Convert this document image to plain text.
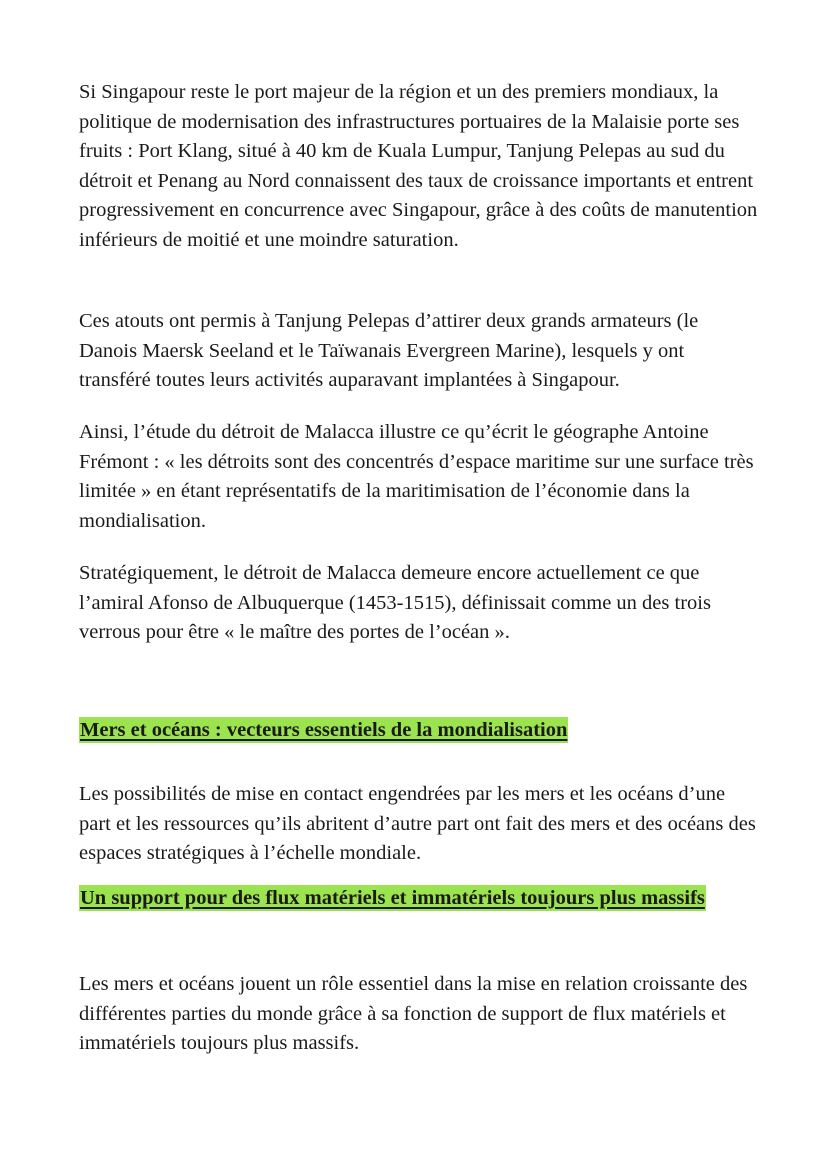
Si Singapour reste le port majeur de la région et un des premiers mondiaux, la politique de modernisation des infrastructures portuaires de la Malaisie porte ses fruits : Port Klang, situé à 40 km de Kuala Lumpur, Tanjung Pelepas au sud du détroit et Penang au Nord connaissent des taux de croissance importants et entrent progressivement en concurrence avec Singapour, grâce à des coûts de manutention inférieurs de moitié et une moindre saturation.

Ces atouts ont permis à Tanjung Pelepas d’attirer deux grands armateurs (le Danois Maersk Seeland et le Taïwanais Evergreen Marine), lesquels y ont transféré toutes leurs activités auparavant implantées à Singapour.

Ainsi, l’étude du détroit de Malacca illustre ce qu’écrit le géographe Antoine Frémont : « les détroits sont des concentrés d’espace maritime sur une surface très limitée » en étant représentatifs de la maritimisation de l’économie dans la mondialisation.

Stratégiquement, le détroit de Malacca demeure encore actuellement ce que l’amiral Afonso de Albuquerque (1453-1515), définissait comme un des trois verrous pour être « le maître des portes de l’océan ».

Mers et océans : vecteurs essentiels de la mondialisation

Les possibilités de mise en contact engendrées par les mers et les océans d’une part et les ressources qu’ils abritent d’autre part ont fait des mers et des océans des espaces stratégiques à l’échelle mondiale.

Un support pour des flux matériels et immatériels toujours plus massifs

Les mers et océans jouent un rôle essentiel dans la mise en relation croissante des différentes parties du monde grâce à sa fonction de support de flux matériels et immatériels toujours plus massifs.
